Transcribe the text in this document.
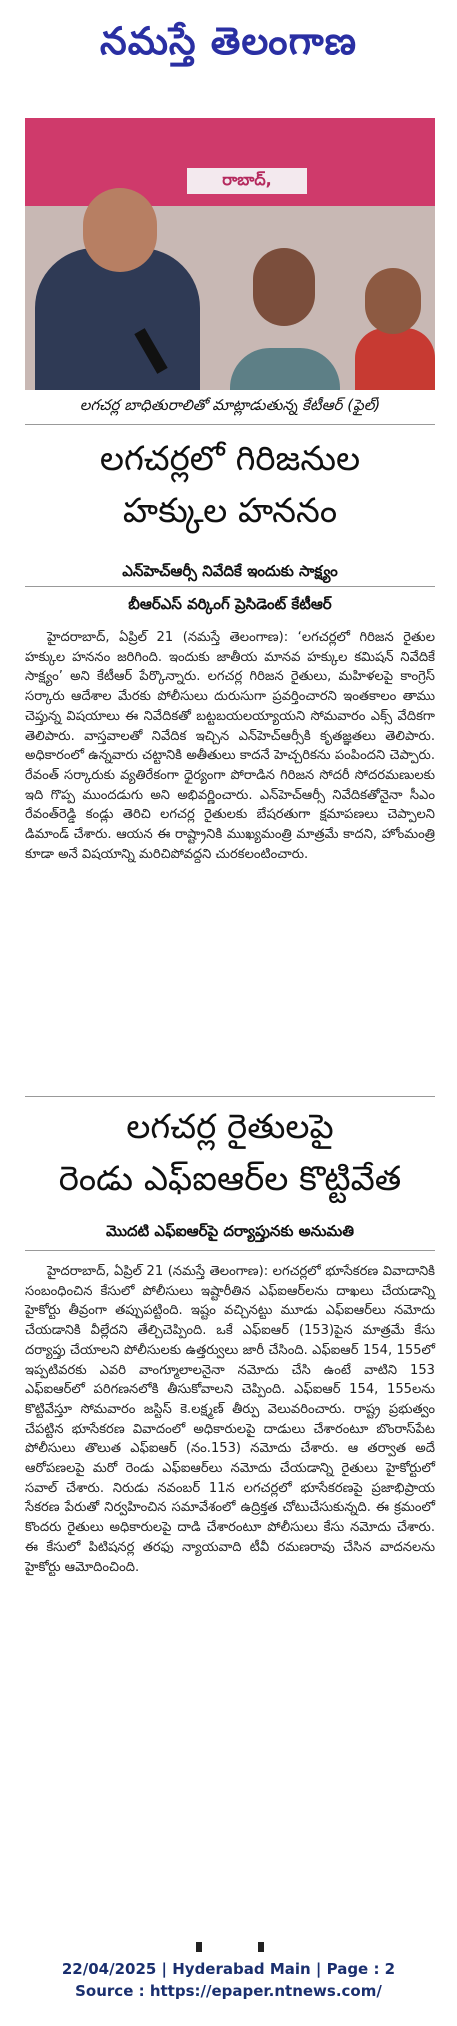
నమస్తే తెలంగాణ
రాబాద్,
లగచర్ల బాధితురాలితో మాట్లాడుతున్న కేటీఆర్ (ఫైల్)
లగచర్లలో గిరిజనుల
హక్కుల హననం
ఎన్‌హెచ్‌ఆర్సీ నివేదికే ఇందుకు సాక్ష్యం
బీఆర్‌ఎస్ వర్కింగ్ ప్రెసిడెంట్ కేటీఆర్

హైదరాబాద్, ఏప్రిల్ 21 (నమస్తే తెలంగాణ): ‘లగచర్లలో గిరిజన రైతుల హక్కుల హననం జరిగింది. ఇందుకు జాతీయ మానవ హక్కుల కమిషన్ నివేదికే సాక్ష్యం’ అని కేటీఆర్ పేర్కొన్నారు. లగచర్ల గిరిజన రైతులు, మహిళలపై కాంగ్రెస్ సర్కారు ఆదేశాల మేరకు పోలీసులు దురుసుగా ప్రవర్తించారని ఇంతకాలం తాము చెప్తున్న విషయాలు ఈ నివేదికతో బట్టబయలయ్యాయని సోమవారం ఎక్స్ వేదికగా తెలిపారు. వాస్తవాలతో నివేదిక ఇచ్చిన ఎన్‌హెచ్‌ఆర్సీకి కృతజ్ఞతలు తెలిపారు. అధికారంలో ఉన్నవారు చట్టానికి అతీతులు కాదనే హెచ్చరికను పంపిందని చెప్పారు. రేవంత్ సర్కారుకు వ్యతిరేకంగా ధైర్యంగా పోరాడిన గిరిజన సోదరీ సోదరమణులకు ఇది గొప్ప ముందడుగు అని అభివర్ణించారు. ఎన్‌హెచ్‌ఆర్సీ నివేదికతోనైనా సీఎం రేవంత్‌రెడ్డి కండ్లు తెరిచి లగచర్ల రైతులకు బేషరతుగా క్షమాపణలు చెప్పాలని డిమాండ్ చేశారు. ఆయన ఈ రాష్ట్రానికి ముఖ్యమంత్రి మాత్రమే కాదని, హోంమంత్రి కూడా అనే విషయాన్ని మరిచిపోవద్దని చురకలంటించారు.

లగచర్ల రైతులపై
రెండు ఎఫ్‌ఐఆర్‌ల కొట్టివేత
మొదటి ఎఫ్‌ఐఆర్‌పై దర్యాప్తునకు అనుమతి

హైదరాబాద్, ఏప్రిల్ 21 (నమస్తే తెలంగాణ): లగచర్లలో భూసేకరణ వివాదానికి సంబంధించిన కేసులో పోలీసులు ఇష్టారీతిన ఎఫ్‌ఐఆర్‌లను దాఖలు చేయడాన్ని హైకోర్టు తీవ్రంగా తప్పుపట్టింది. ఇష్టం వచ్చినట్టు మూడు ఎఫ్‌ఐఆర్‌లు నమోదు చేయడానికి వీల్లేదని తేల్చిచెప్పింది. ఒకే ఎఫ్‌ఐఆర్ (153)పైన మాత్రమే కేసు దర్యాప్తు చేయాలని పోలీసులకు ఉత్తర్వులు జారీ చేసింది. ఎఫ్‌ఐఆర్ 154, 155లో ఇప్పటివరకు ఎవరి వాంగ్మూలాలనైనా నమోదు చేసి ఉంటే వాటిని 153 ఎఫ్‌ఐఆర్‌లో పరిగణనలోకి తీసుకోవాలని చెప్పింది. ఎఫ్‌ఐఆర్ 154, 155లను కొట్టివేస్తూ సోమవారం జస్టిస్ కె.లక్ష్మణ్ తీర్పు వెలువరించారు. రాష్ట్ర ప్రభుత్వం చేపట్టిన భూసేకరణ వివాదంలో అధికారులపై దాడులు చేశారంటూ బొంరాస్‌పేట పోలీసులు తొలుత ఎఫ్‌ఐఆర్ (నం.153) నమోదు చేశారు. ఆ తర్వాత అదే ఆరోపణలపై మరో రెండు ఎఫ్‌ఐఆర్‌లు నమోదు చేయడాన్ని రైతులు హైకోర్టులో సవాల్ చేశారు. నిరుడు నవంబర్ 11న లగచర్లలో భూసేకరణపై ప్రజాభిప్రాయ సేకరణ పేరుతో నిర్వహించిన సమావేశంలో ఉద్రిక్తత చోటుచేసుకున్నది. ఈ క్రమంలో కొందరు రైతులు అధికారులపై దాడి చేశారంటూ పోలీసులు కేసు నమోదు చేశారు. ఈ కేసులో పిటిషనర్ల తరఫు న్యాయవాది టీవీ రమణరావు చేసిన వాదనలను హైకోర్టు ఆమోదించింది.

22/04/2025 | Hyderabad Main | Page : 2
Source : https://epaper.ntnews.com/
